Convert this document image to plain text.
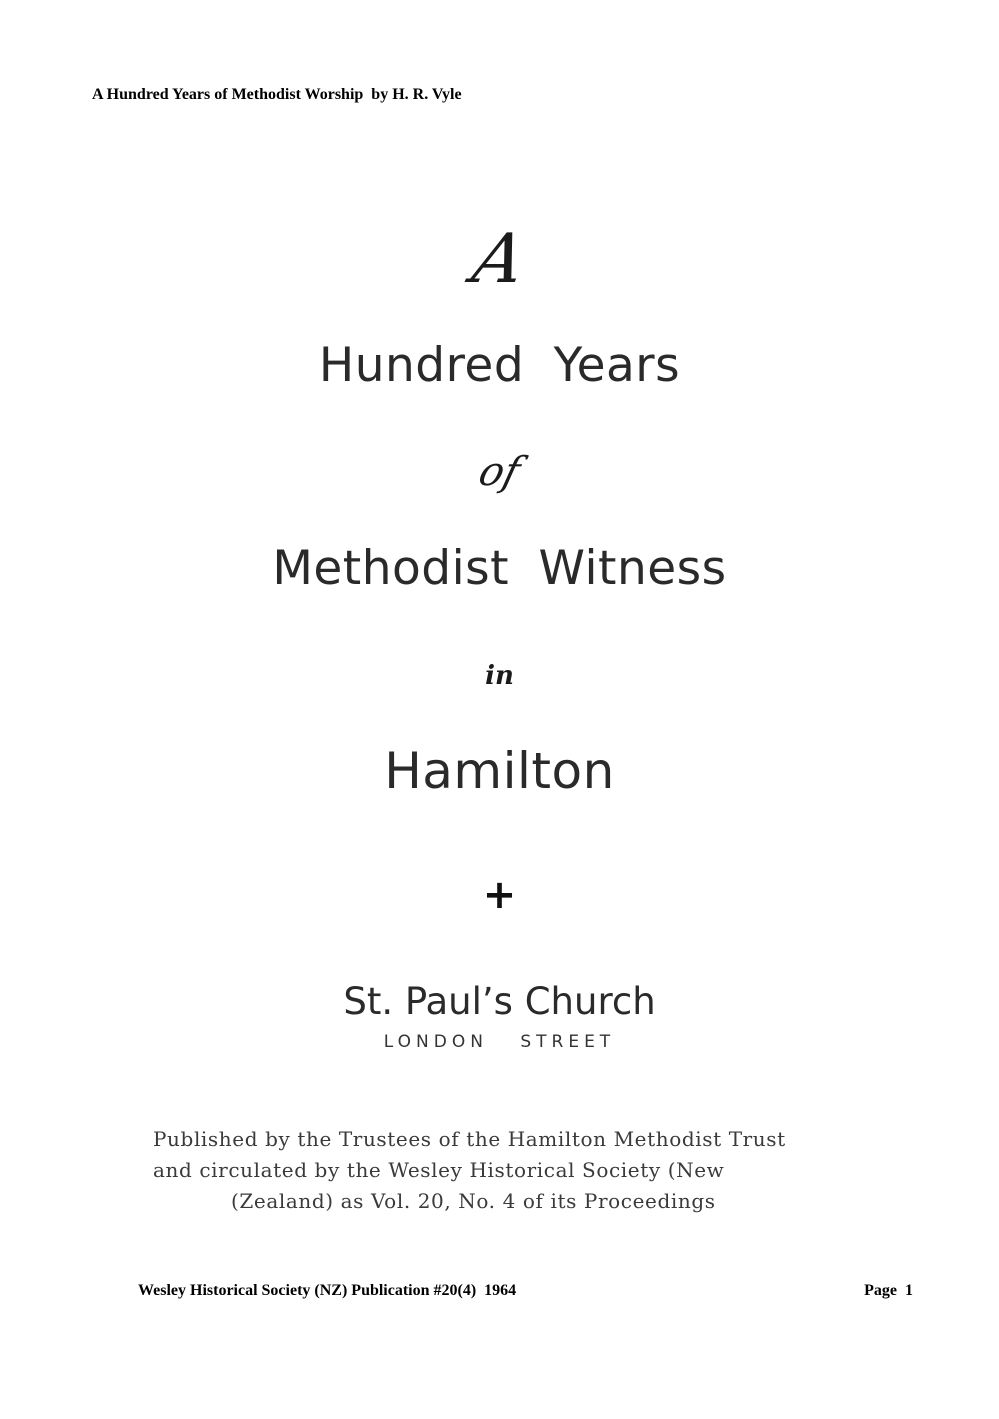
A Hundred Years of Methodist Worship  by H. R. Vyle
A
Hundred Years
of
Methodist Witness
in
Hamilton
+
St. Paul’s Church
LONDON STREET
Published by the Trustees of the Hamilton Methodist Trust
and circulated by the Wesley Historical Society (New
(Zealand) as Vol. 20, No. 4 of its Proceedings
Wesley Historical Society (NZ) Publication #20(4)  1964	Page  1
